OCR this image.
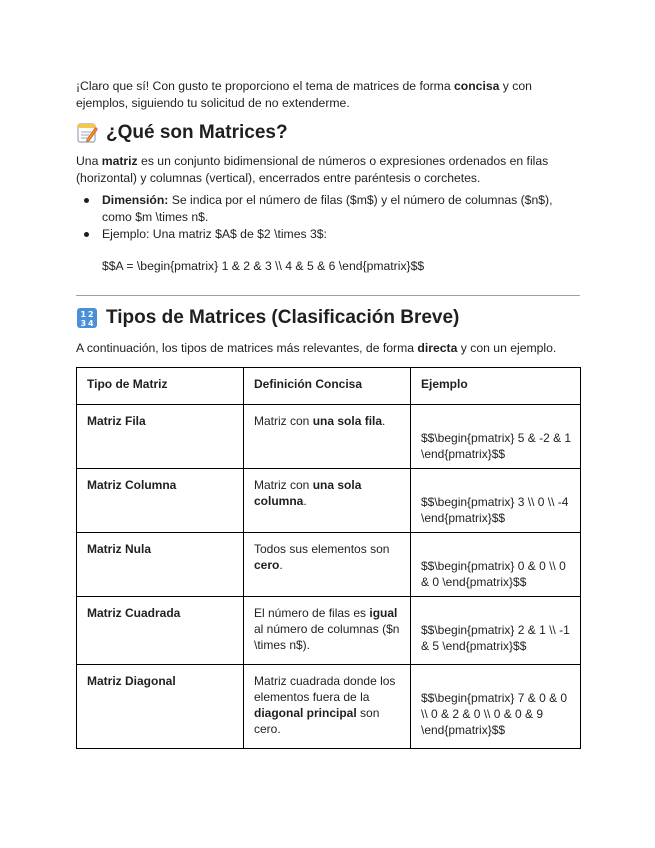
¡Claro que sí! Con gusto te proporciono el tema de matrices de forma concisa y con ejemplos, siguiendo tu solicitud de no extenderme.

¿Qué son Matrices?

Una matriz es un conjunto bidimensional de números o expresiones ordenados en filas (horizontal) y columnas (vertical), encerrados entre paréntesis o corchetes.

Dimensión: Se indica por el número de filas ($m$) y el número de columnas ($n$), como $m \times n$.
Ejemplo: Una matriz $A$ de $2 \times 3$:

$$A = \begin{pmatrix} 1 & 2 & 3 \\ 4 & 5 & 6 \end{pmatrix}$$

1 2
3 4 Tipos de Matrices (Clasificación Breve)

A continuación, los tipos de matrices más relevantes, de forma directa y con un ejemplo.

Tipo de Matriz	Definición Concisa	Ejemplo
Matriz Fila	Matriz con una sola fila.	$$\begin{pmatrix} 5 & -2 & 1 \end{pmatrix}$$

Matriz Columna	Matriz con una sola columna.	$$\begin{pmatrix} 3 \\ 0 \\ -4 \end{pmatrix}$$

Matriz Nula	Todos sus elementos son cero.	$$\begin{pmatrix} 0 & 0 \\ 0 & 0 \end{pmatrix}$$

Matriz Cuadrada	El número de filas es igual al número de columnas ($n \times n$).	$$\begin{pmatrix} 2 & 1 \\ -1 & 5 \end{pmatrix}$$

Matriz Diagonal	Matriz cuadrada donde los elementos fuera de la diagonal principal son cero.	$$\begin{pmatrix} 7 & 0 & 0 \\ 0 & 2 & 0 \\ 0 & 0 & 9 \end{pmatrix}$$
